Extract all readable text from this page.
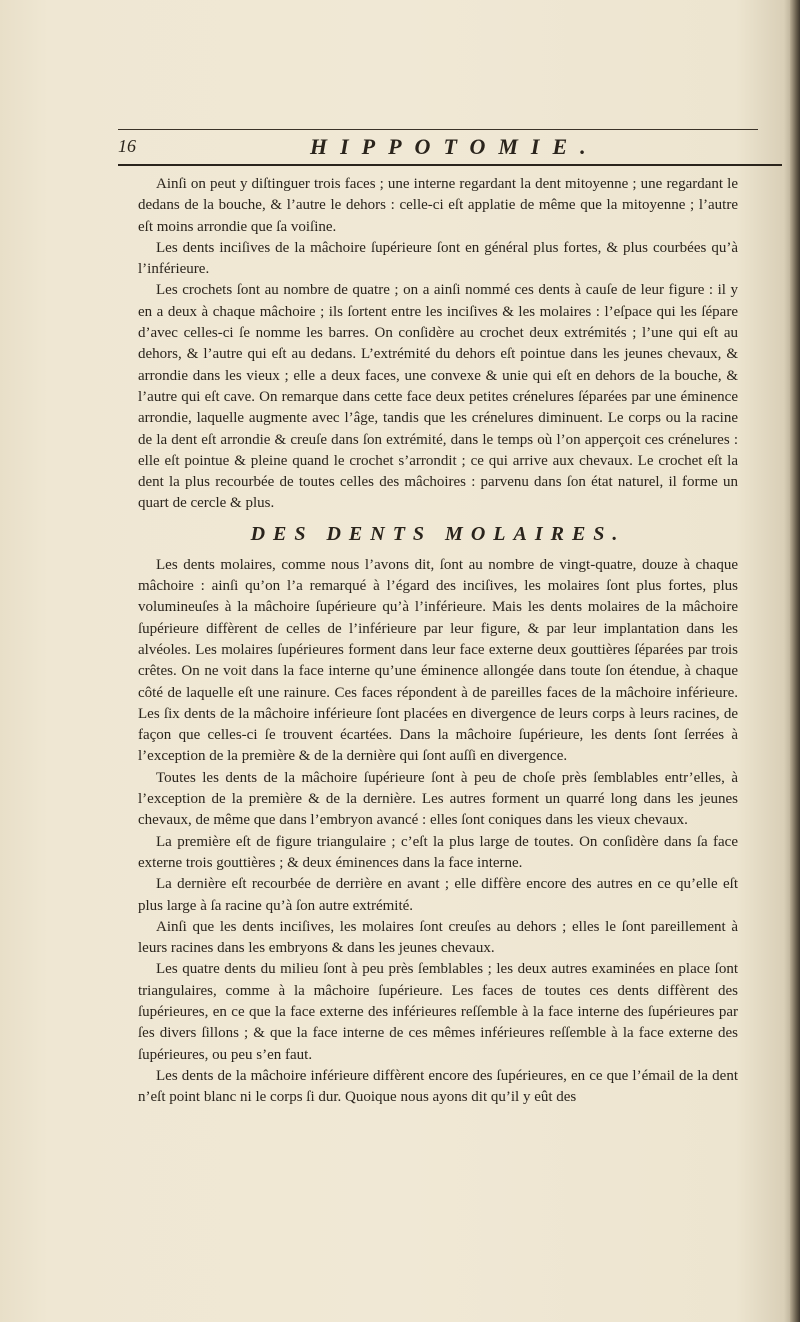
16	HIPPOTOMIE.

Ainſi on peut y diſtinguer trois faces ; une interne regardant la dent mitoyenne ; une regardant le dedans de la bouche, & l’autre le dehors : celle-ci eſt applatie de même que la mitoyenne ; l’autre eſt moins arrondie que ſa voiſine.

Les dents inciſives de la mâchoire ſupérieure ſont en général plus fortes, & plus courbées qu’à l’inférieure.

Les crochets ſont au nombre de quatre ; on a ainſi nommé ces dents à cauſe de leur figure : il y en a deux à chaque mâchoire ; ils ſortent entre les inciſives & les molaires : l’eſpace qui les ſépare d’avec celles-ci ſe nomme les barres. On conſidère au crochet deux extrémités ; l’une qui eſt au dehors, & l’autre qui eſt au dedans. L’extrémité du dehors eſt pointue dans les jeunes chevaux, & arrondie dans les vieux ; elle a deux faces, une convexe & unie qui eſt en dehors de la bouche, & l’autre qui eſt cave. On remarque dans cette face deux petites crénelures ſéparées par une éminence arrondie, laquelle augmente avec l’âge, tandis que les crénelures diminuent. Le corps ou la racine de la dent eſt arrondie & creuſe dans ſon extrémité, dans le temps où l’on apperçoit ces crénelures : elle eſt pointue & pleine quand le crochet s’arrondit ; ce qui arrive aux chevaux. Le crochet eſt la dent la plus recourbée de toutes celles des mâchoires : parvenu dans ſon état naturel, il forme un quart de cercle & plus.

DES DENTS MOLAIRES.

Les dents molaires, comme nous l’avons dit, ſont au nombre de vingt-quatre, douze à chaque mâchoire : ainſi qu’on l’a remarqué à l’égard des inciſives, les molaires ſont plus fortes, plus volumineuſes à la mâchoire ſupérieure qu’à l’inférieure. Mais les dents molaires de la mâchoire ſupérieure diffèrent de celles de l’inférieure par leur figure, & par leur implantation dans les alvéoles. Les molaires ſupérieures forment dans leur face externe deux gouttières ſéparées par trois crêtes. On ne voit dans la face interne qu’une éminence allongée dans toute ſon étendue, à chaque côté de laquelle eſt une rainure. Ces faces répondent à de pareilles faces de la mâchoire inférieure. Les ſix dents de la mâchoire inférieure ſont placées en divergence de leurs corps à leurs racines, de façon que celles-ci ſe trouvent écartées. Dans la mâchoire ſupérieure, les dents ſont ſerrées à l’exception de la première & de la dernière qui ſont auſſi en divergence.

Toutes les dents de la mâchoire ſupérieure ſont à peu de choſe près ſemblables entr’elles, à l’exception de la première & de la dernière. Les autres forment un quarré long dans les jeunes chevaux, de même que dans l’embryon avancé : elles ſont coniques dans les vieux chevaux.

La première eſt de figure triangulaire ; c’eſt la plus large de toutes. On conſidère dans ſa face externe trois gouttières ; & deux éminences dans la face interne.

La dernière eſt recourbée de derrière en avant ; elle diffère encore des autres en ce qu’elle eſt plus large à ſa racine qu’à ſon autre extrémité.

Ainſi que les dents inciſives, les molaires ſont creuſes au dehors ; elles le ſont pareillement à leurs racines dans les embryons & dans les jeunes chevaux.

Les quatre dents du milieu ſont à peu près ſemblables ; les deux autres examinées en place ſont triangulaires, comme à la mâchoire ſupérieure. Les faces de toutes ces dents diffèrent des ſupérieures, en ce que la face externe des inférieures reſſemble à la face interne des ſupérieures par ſes divers ſillons ; & que la face interne de ces mêmes inférieures reſſemble à la face externe des ſupérieures, ou peu s’en faut.

Les dents de la mâchoire inférieure diffèrent encore des ſupérieures, en ce que l’émail de la dent n’eſt point blanc ni le corps ſi dur. Quoique nous ayons dit qu’il y eût des
